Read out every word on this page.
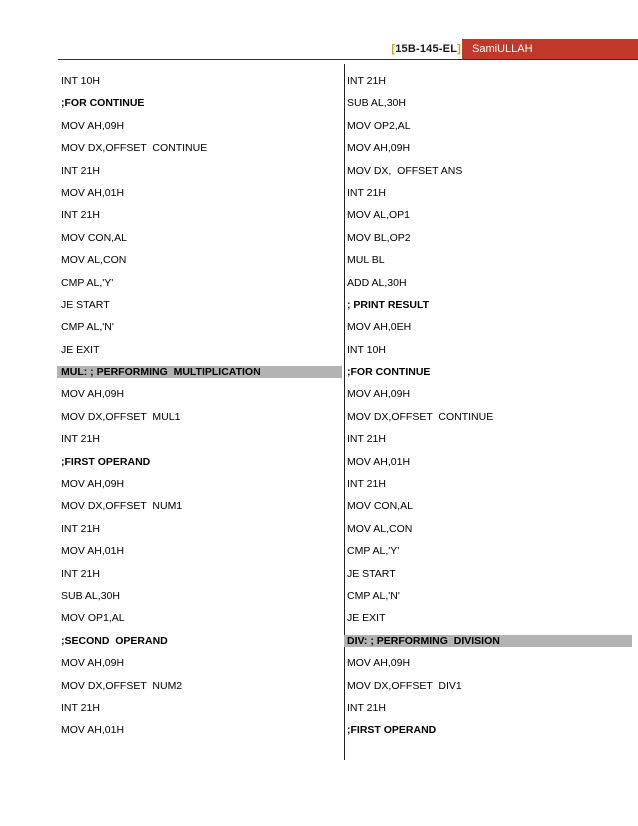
[15B-145-EL]	SamiULLAH
INT 10H
;FOR CONTINUE
MOV AH,09H
MOV DX,OFFSET  CONTINUE
INT 21H
MOV AH,01H
INT 21H
MOV CON,AL
MOV AL,CON
CMP AL,'Y'
JE START
CMP AL,'N'
JE EXIT
MUL: ; PERFORMING  MULTIPLICATION
MOV AH,09H
MOV DX,OFFSET  MUL1
INT 21H
;FIRST OPERAND
MOV AH,09H
MOV DX,OFFSET  NUM1
INT 21H
MOV AH,01H
INT 21H
SUB AL,30H
MOV OP1,AL
;SECOND  OPERAND
MOV AH,09H
MOV DX,OFFSET  NUM2
INT 21H
MOV AH,01H
INT 21H
SUB AL,30H
MOV OP2,AL
MOV AH,09H
MOV DX,  OFFSET ANS
INT 21H
MOV AL,OP1
MOV BL,OP2
MUL BL
ADD AL,30H
; PRINT RESULT
MOV AH,0EH
INT 10H
;FOR CONTINUE
MOV AH,09H
MOV DX,OFFSET  CONTINUE
INT 21H
MOV AH,01H
INT 21H
MOV CON,AL
MOV AL,CON
CMP AL,'Y'
JE START
CMP AL,'N'
JE EXIT
DIV: ; PERFORMING  DIVISION
MOV AH,09H
MOV DX,OFFSET  DIV1
INT 21H
;FIRST OPERAND
